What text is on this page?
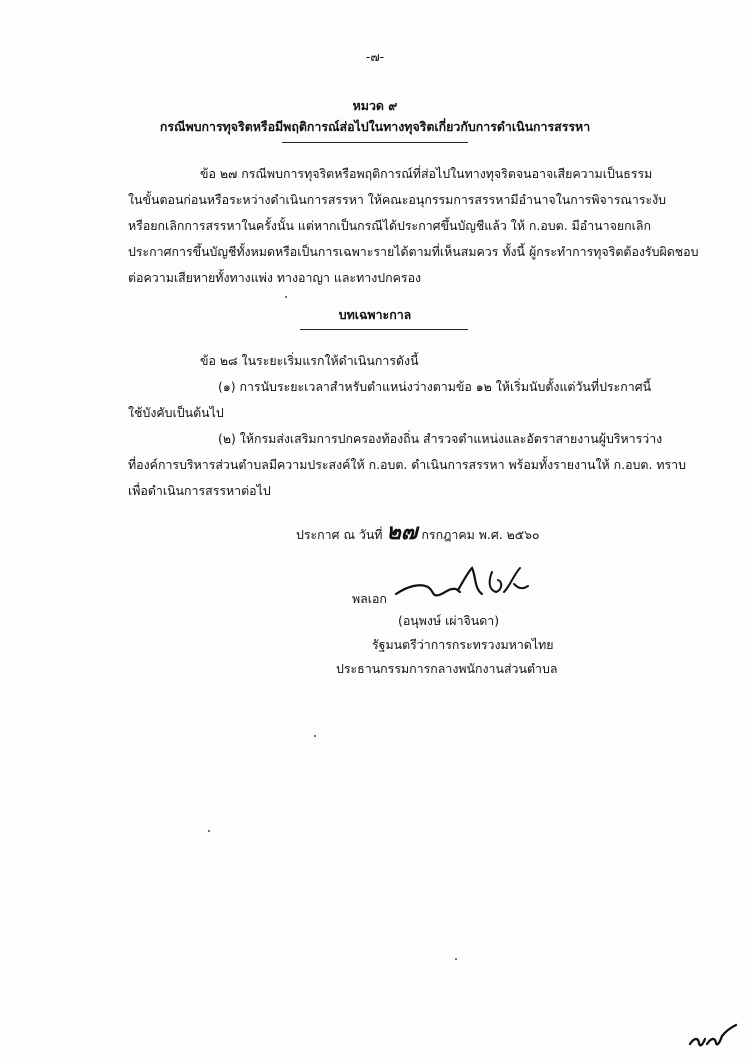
-๗-
หมวด ๙
กรณีพบการทุจริตหรือมีพฤติการณ์ส่อไปในทางทุจริตเกี่ยวกับการดำเนินการสรรหา
ข้อ ๒๗ กรณีพบการทุจริตหรือพฤติการณ์ที่ส่อไปในทางทุจริตจนอาจเสียความเป็นธรรม
ในขั้นตอนก่อนหรือระหว่างดำเนินการสรรหา ให้คณะอนุกรรมการสรรหามีอำนาจในการพิจารณาระงับ
หรือยกเลิกการสรรหาในครั้งนั้น แต่หากเป็นกรณีได้ประกาศขึ้นบัญชีแล้ว ให้ ก.อบต. มีอำนาจยกเลิก
ประกาศการขึ้นบัญชีทั้งหมดหรือเป็นการเฉพาะรายได้ตามที่เห็นสมควร ทั้งนี้ ผู้กระทำการทุจริตต้องรับผิดชอบ
ต่อความเสียหายทั้งทางแพ่ง ทางอาญา และทางปกครอง
บทเฉพาะกาล
ข้อ ๒๘ ในระยะเริ่มแรกให้ดำเนินการดังนี้
(๑) การนับระยะเวลาสำหรับตำแหน่งว่างตามข้อ ๑๒ ให้เริ่มนับตั้งแต่วันที่ประกาศนี้
ใช้บังคับเป็นต้นไป
(๒) ให้กรมส่งเสริมการปกครองท้องถิ่น สำรวจตำแหน่งและอัตราสายงานผู้บริหารว่าง
ที่องค์การบริหารส่วนตำบลมีความประสงค์ให้ ก.อบต. ดำเนินการสรรหา พร้อมทั้งรายงานให้ ก.อบต. ทราบ
เพื่อดำเนินการสรรหาต่อไป
ประกาศ ณ วันที่ ๒๗ กรกฎาคม พ.ศ. ๒๕๖๐
พลเอก
(อนุพงษ์ เผ่าจินดา)
รัฐมนตรีว่าการกระทรวงมหาดไทย
ประธานกรรมการกลางพนักงานส่วนตำบล
